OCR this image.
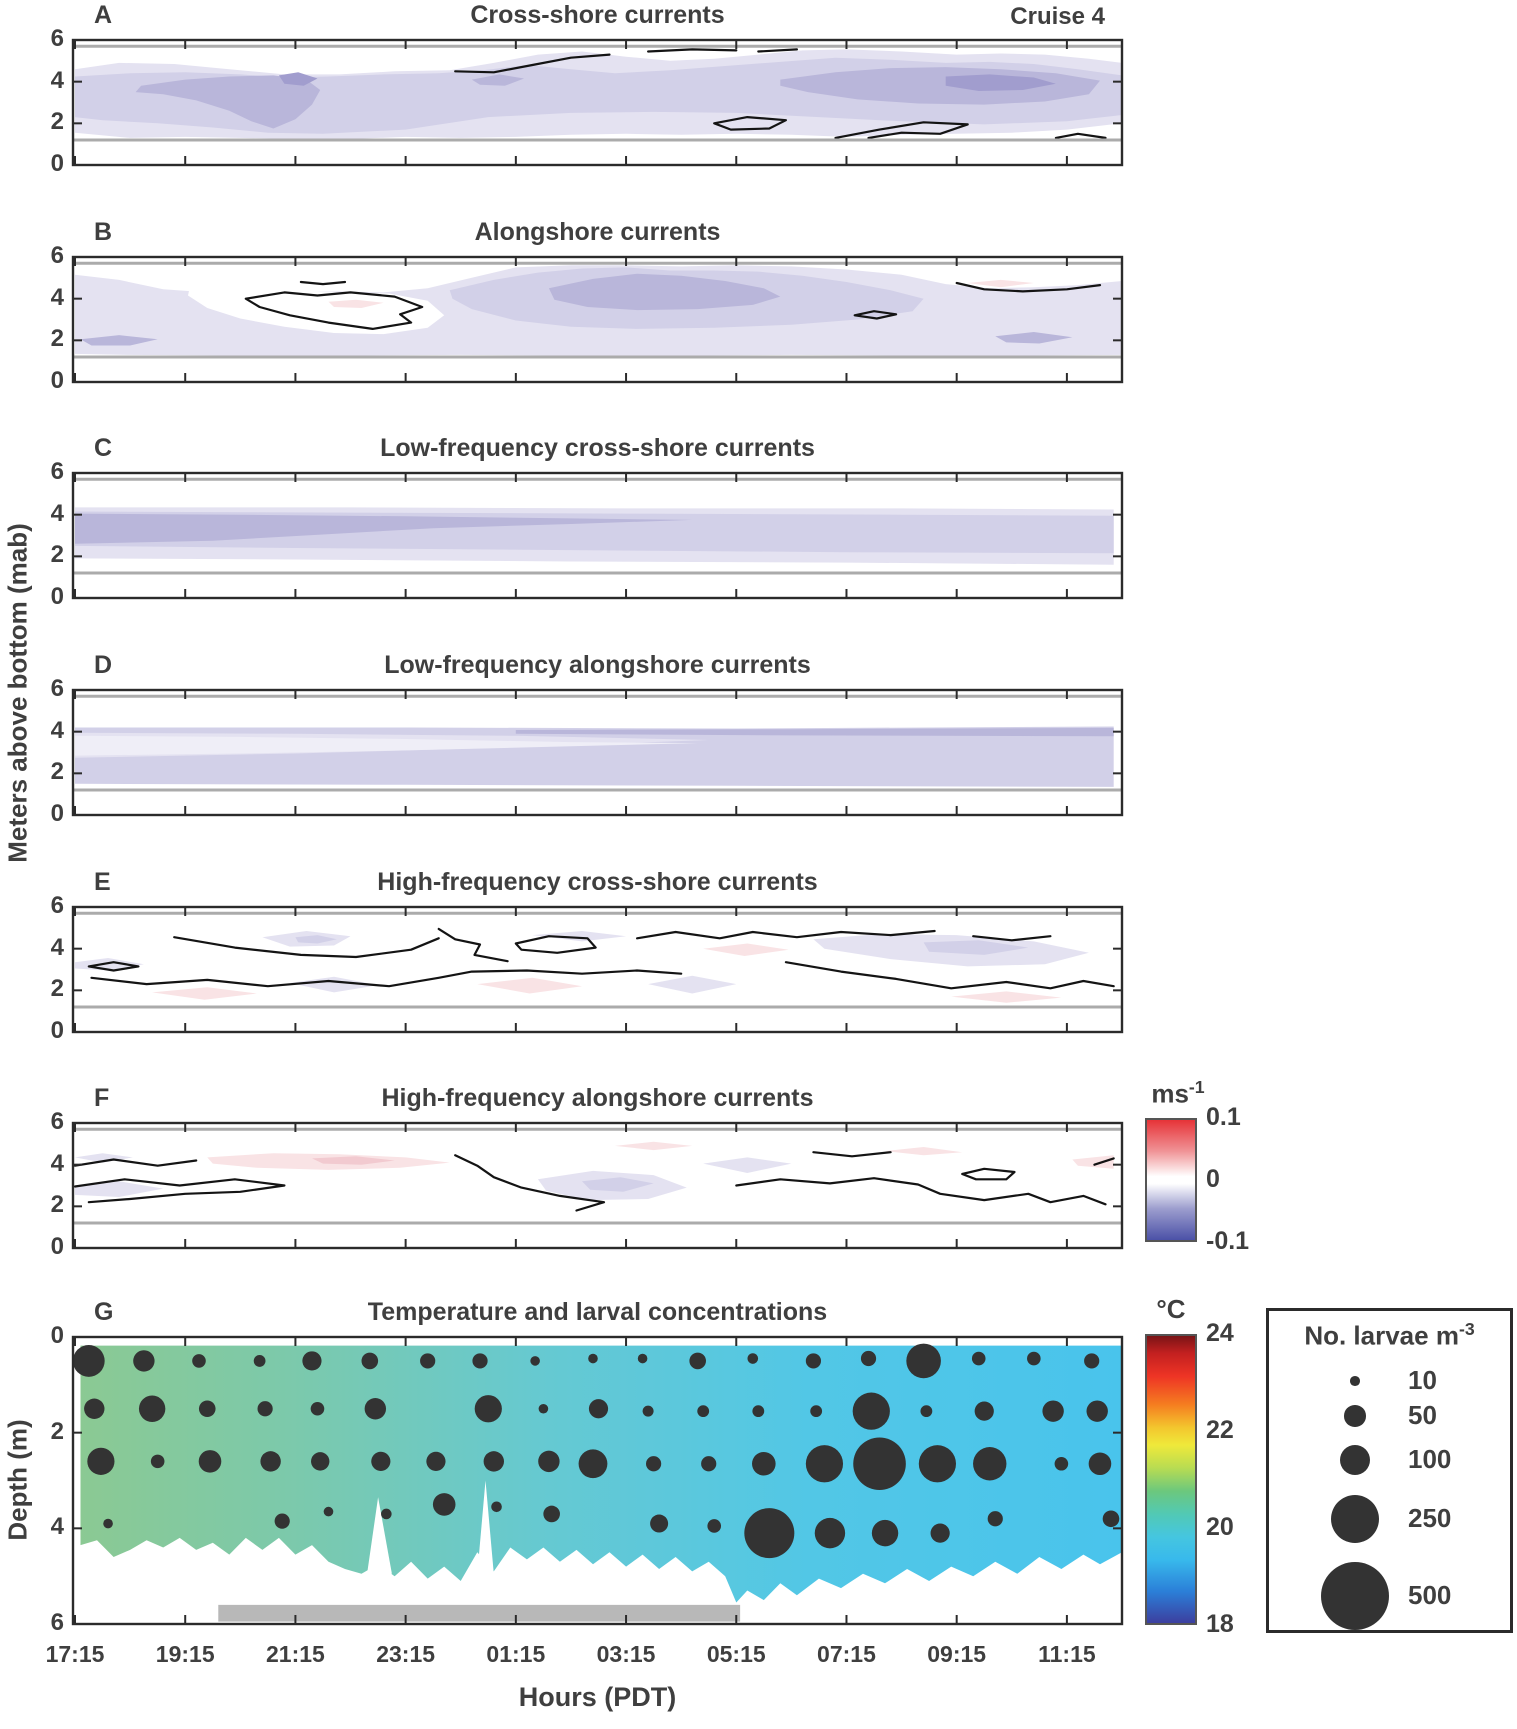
A	Cross-shore currents	Cruise 4
B	Alongshore currents
C	Low-frequency cross-shore currents
D	Low-frequency alongshore currents
E	High-frequency cross-shore currents
F	High-frequency alongshore currents
G	Temperature and larval concentrations
Meters above bottom (mab)
Depth (m)
Hours (PDT)
$ms^{-1}$
0.1
0
-0.1
°C
24
22
20
18
No. larvae $m^{-3}$
17:15	19:15	21:15	23:15	01:15	03:15	05:15	07:15	09:15	11:15
6
4
2
0
6
4
2
0
6
4
2
0
6
4
2
0
6
4
2
0
6
4
2
0
0
2
4
6
10
50
100
250
500
